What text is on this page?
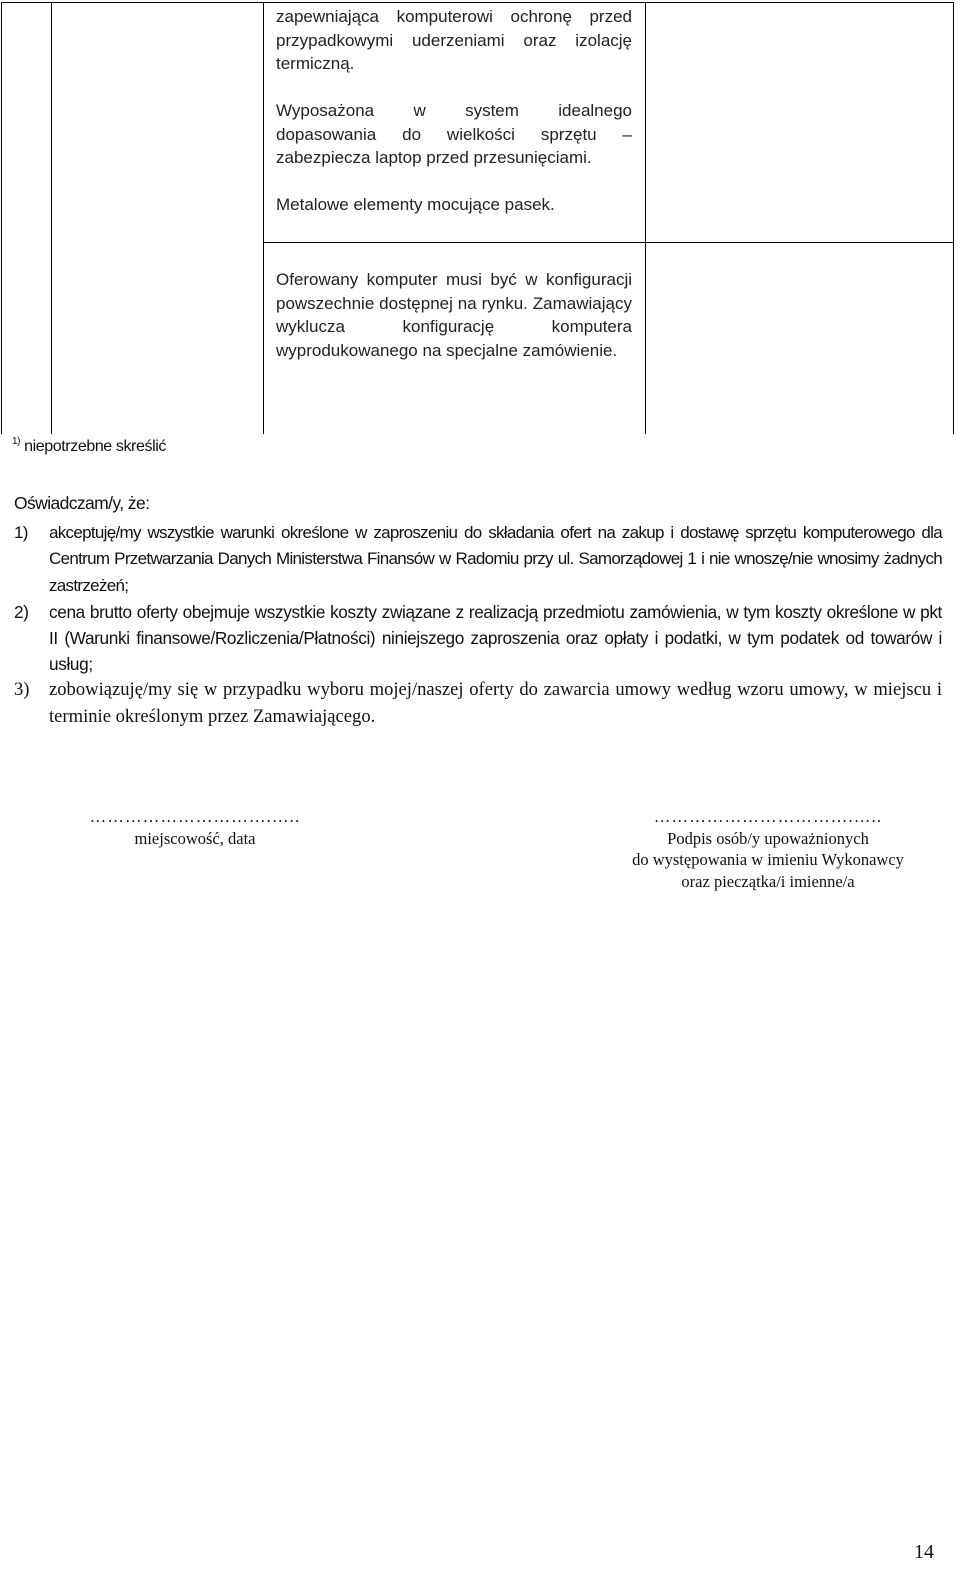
zapewniająca komputerowi ochronę przed przypadkowymi uderzeniami oraz izolację termiczną.

Wyposażona w system idealnego dopasowania do wielkości sprzętu – zabezpiecza laptop przed przesunięciami.

Metalowe elementy mocujące pasek.

Oferowany komputer musi być w konfiguracji powszechnie dostępnej na rynku. Zamawiający wyklucza konfigurację komputera wyprodukowanego na specjalne zamówienie.

$^{1)}$ niepotrzebne skreślić

Oświadczam/y, że:

1) akceptuję/my wszystkie warunki określone w zaproszeniu do składania ofert na zakup i dostawę sprzętu komputerowego dla Centrum Przetwarzania Danych Ministerstwa Finansów w Radomiu przy ul. Samorządowej 1 i nie wnoszę/nie wnosimy żadnych zastrzeżeń;
2) cena brutto oferty obejmuje wszystkie koszty związane z realizacją przedmiotu zamówienia, w tym koszty określone w pkt II (Warunki finansowe/Rozliczenia/Płatności) niniejszego zaproszenia oraz opłaty i podatki, w tym podatek od towarów i usług;
3) zobowiązuję/my się w przypadku wyboru mojej/naszej oferty do zawarcia umowy według wzoru umowy, w miejscu i terminie określonym przez Zamawiającego.
………………………….…..
miejscowość, data
…………………………….…..
Podpis osób/y upoważnionych
do występowania w imieniu Wykonawcy
oraz pieczątka/i imienne/a
14
